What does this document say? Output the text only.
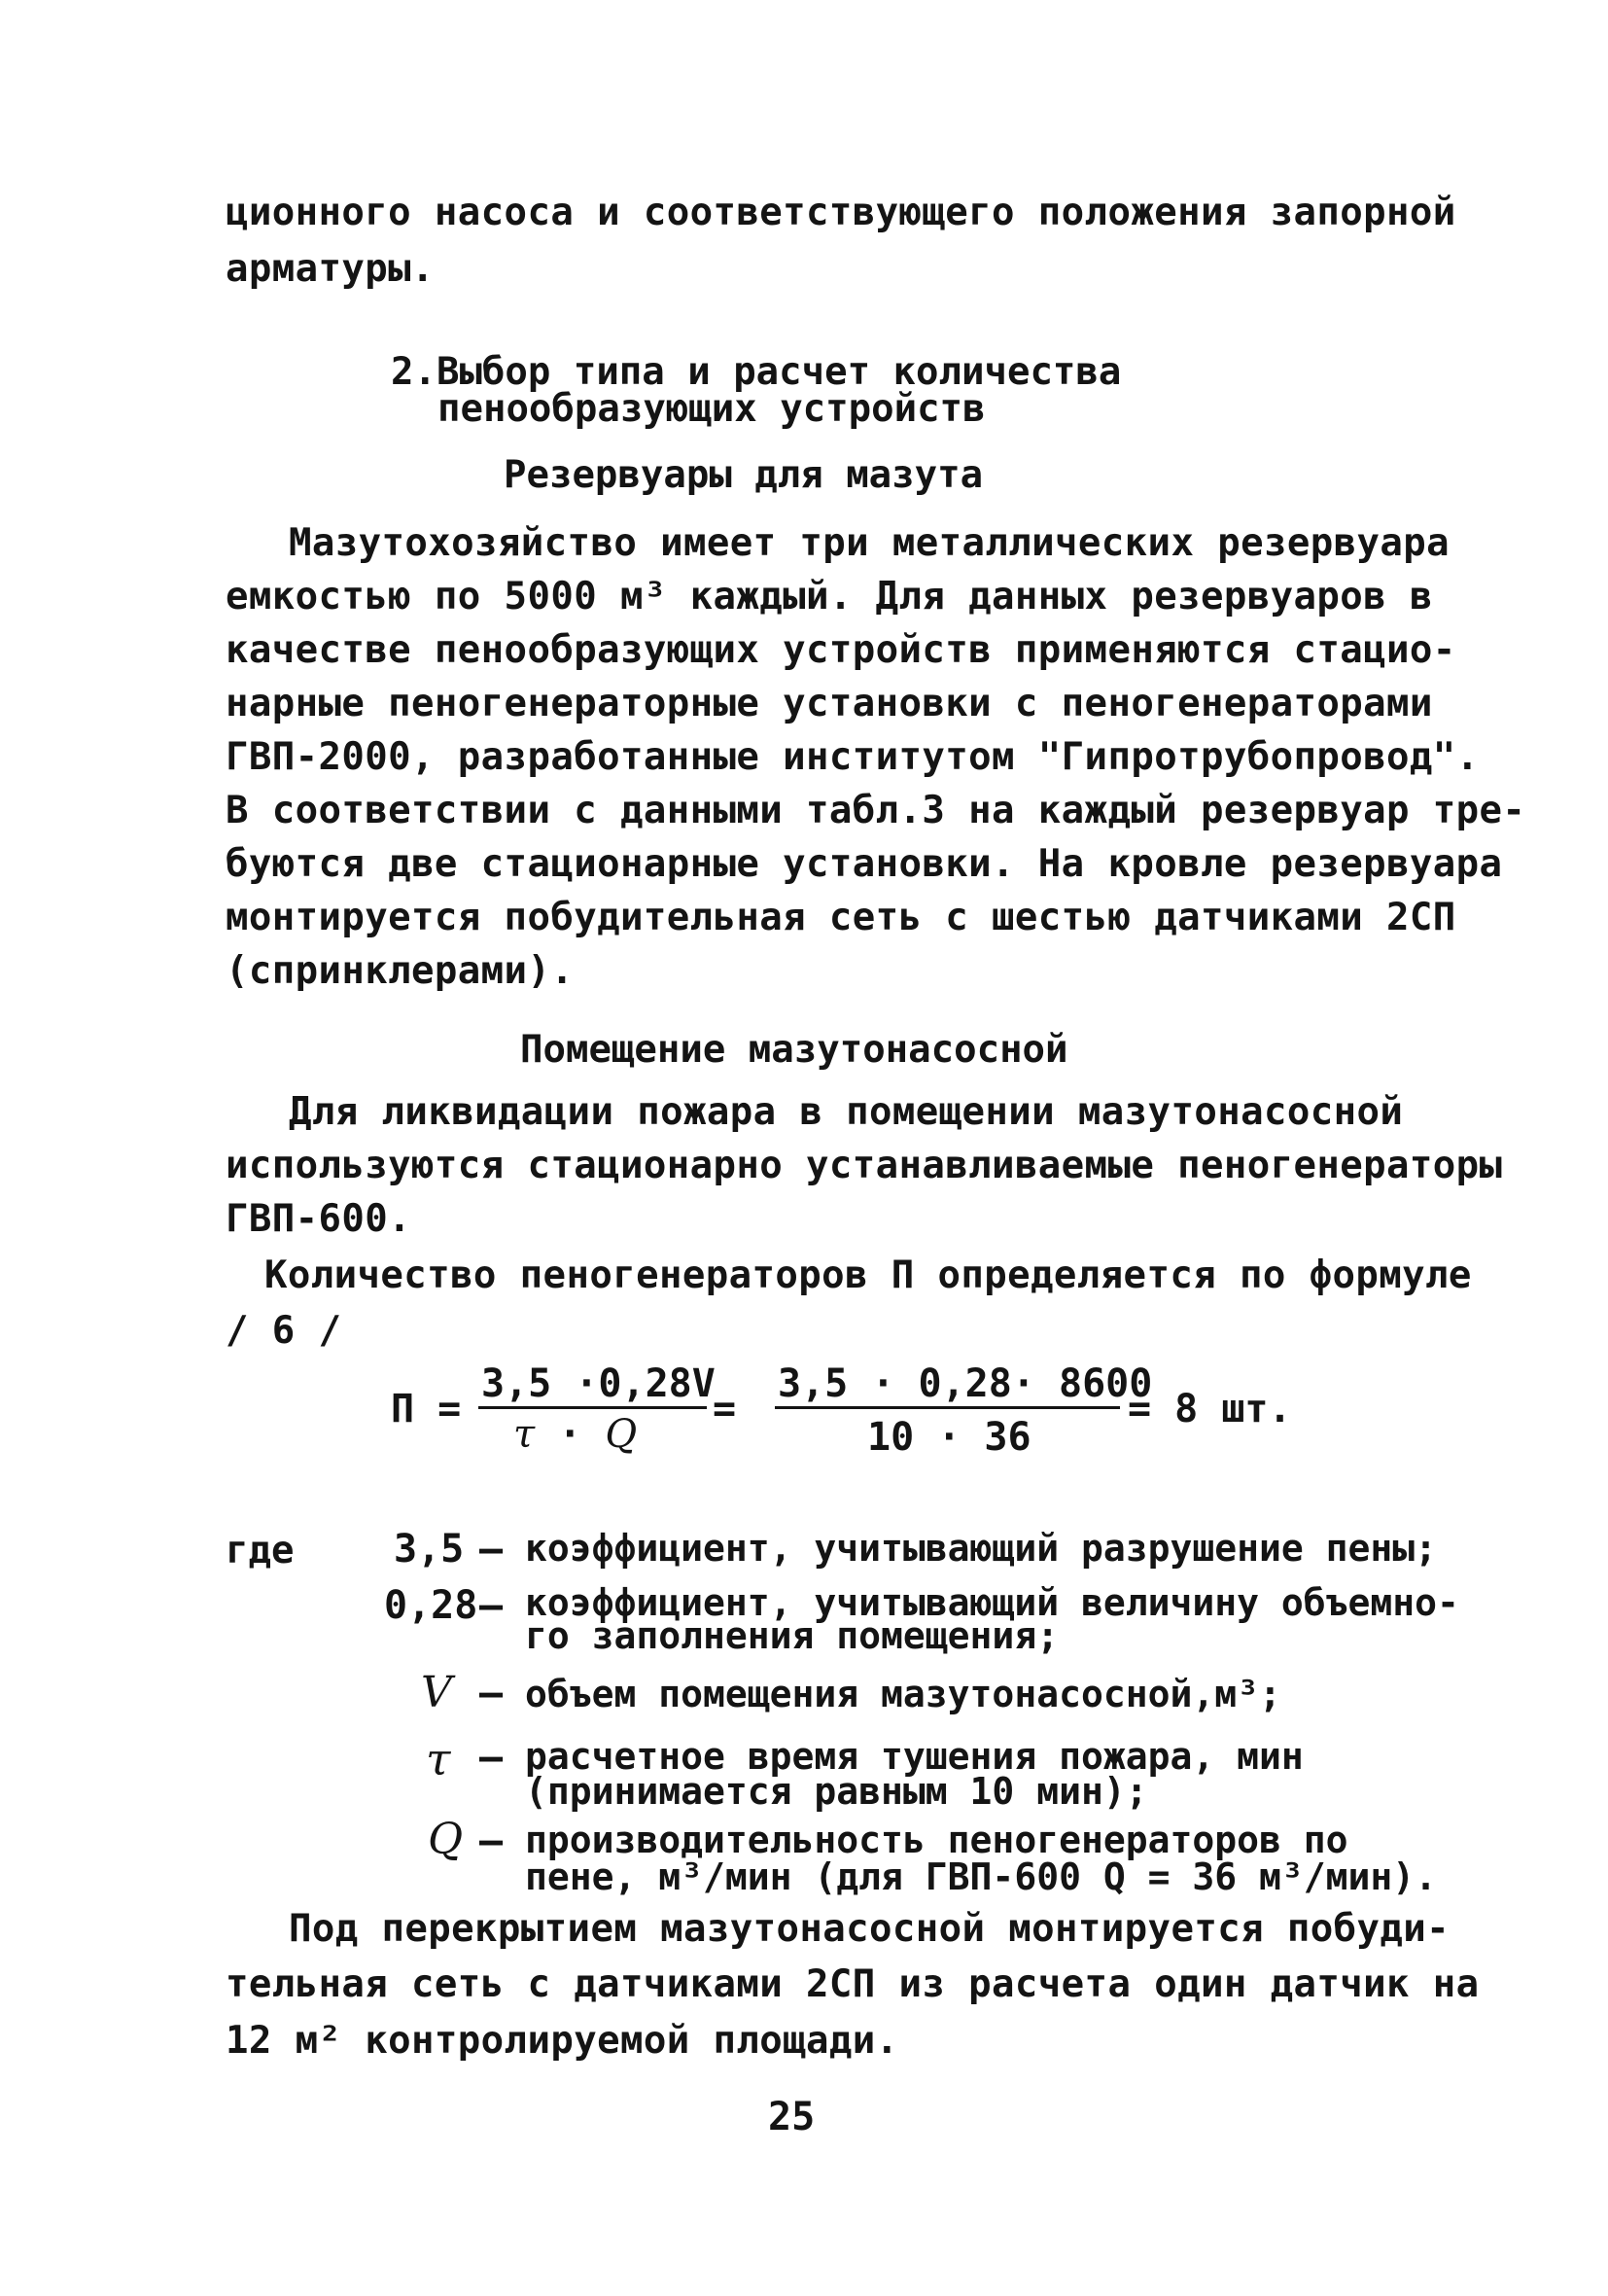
ционного насоса и соответствующего положения запорной
арматуры.
2.Выбор типа и расчет количества
пенообразующих устройств
Резервуары для мазута
Мазутохозяйство имеет три металлических резервуара
емкостью по 5000 м³ каждый. Для данных резервуаров в
качестве пенообразующих устройств применяются стацио-
нарные пеногенераторные установки с пеногенераторами
ГВП-2000, разработанные институтом "Гипротрубопровод".
В соответствии с данными табл.3 на каждый резервуар тре-
буются две стационарные установки. На кровле резервуара
монтируется побудительная сеть с шестью датчиками 2СП
(спринклерами).
Помещение мазутонасосной
Для ликвидации пожара в помещении мазутонасосной
используются стационарно устанавливаемые пеногенераторы
ГВП-600.
Количество пеногенераторов П определяется по формуле
/ 6 /
П =
3,5 ·0,28V
τ · Q
=
3,5 · 0,28· 8600
10 · 36
= 8 шт.
где	3,5 – коэффициент, учитывающий разрушение пены;
0,28 – коэффициент, учитывающий величину объемно-
го заполнения помещения;
V – объем помещения мазутонасосной,м³;
τ – расчетное время тушения пожара, мин
(принимается равным 10 мин);
Q – производительность пеногенераторов по
пене, м³/мин (для ГВП-600 Q = 36 м³/мин).
Под перекрытием мазутонасосной монтируется побуди-
тельная сеть с датчиками 2СП из расчета один датчик на
12 м² контролируемой площади.
25
